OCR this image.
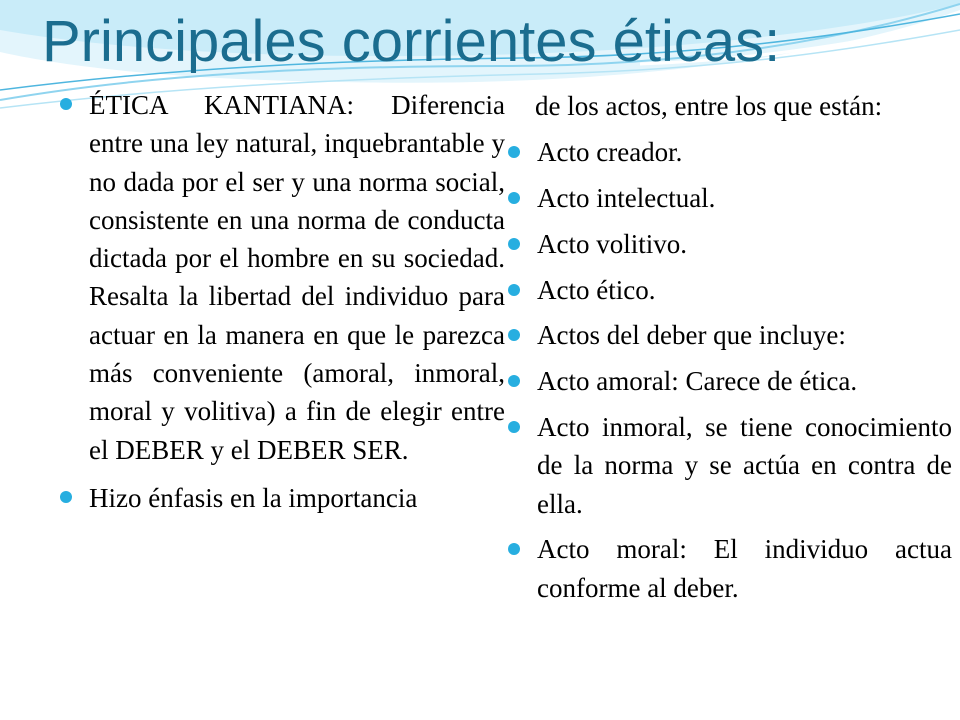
Principales corrientes éticas:
ÉTICA KANTIANA: Diferencia entre una ley natural, inquebrantable y no dada por el ser y una norma social, consistente en una norma de conducta dictada por el hombre en su sociedad. Resalta la libertad del individuo para actuar en la manera en que le parezca más conveniente (amoral, inmoral, moral y volitiva) a fin de elegir entre el DEBER y el DEBER SER.
Hizo énfasis en la importancia
de los actos, entre los que están:
Acto creador.
Acto intelectual.
Acto volitivo.
Acto ético.
Actos del deber que incluye:
Acto amoral: Carece de ética.
Acto inmoral, se tiene conocimiento de la norma y se actúa en contra de ella.
Acto moral: El individuo actua conforme al deber.
